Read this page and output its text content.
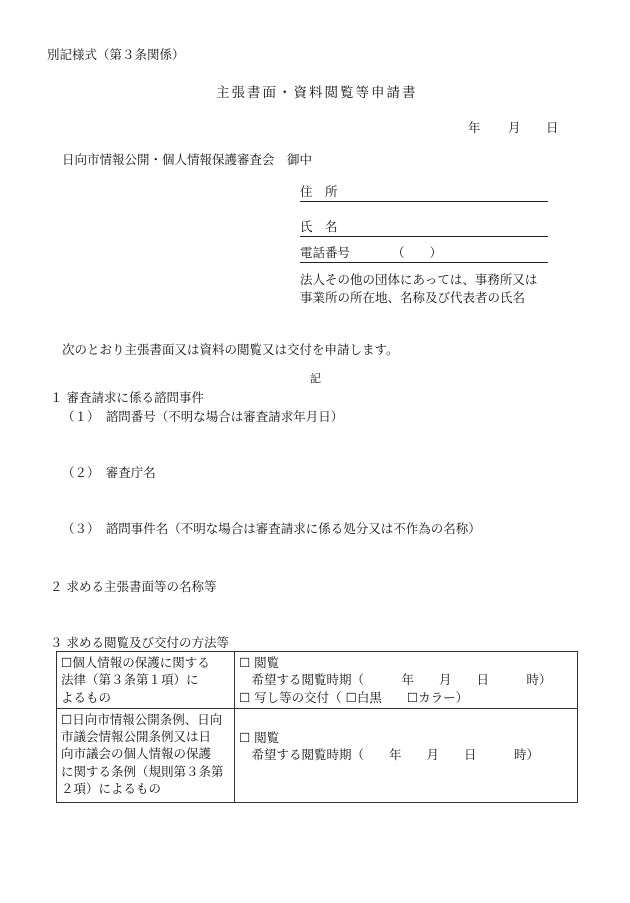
別記様式（第３条関係）
主張書面・資料閲覧等申請書
年 月 日
日向市情報公開・個人情報保護審査会　御中
住　所
氏　名
電話番号	（　　）
法人その他の団体にあっては、事務所又は
事業所の所在地、名称及び代表者の氏名
次のとおり主張書面又は資料の閲覧又は交付を申請します。
記
１ 審査請求に係る諮問事件
（１）　諮問番号（不明な場合は審査請求年月日）
（２）　審査庁名
（３）　諮問事件名（不明な場合は審査請求に係る処分又は不作為の名称）
２ 求める主張書面等の名称等
３ 求める閲覧及び交付の方法等
☐個人情報の保護に関する
法律（第３条第１項）に
よるもの	☐ 閲覧
　希望する閲覧時期（　　　年　　月　　日　　　時）
☐ 写し等の交付（ ☐白黒　　☐カラー）

☐日向市情報公開条例、日向
市議会情報公開条例又は日
向市議会の個人情報の保護
に関する条例（規則第３条第
２項）によるもの	☐ 閲覧
　希望する閲覧時期（　　年　　月　　日　　　時）
